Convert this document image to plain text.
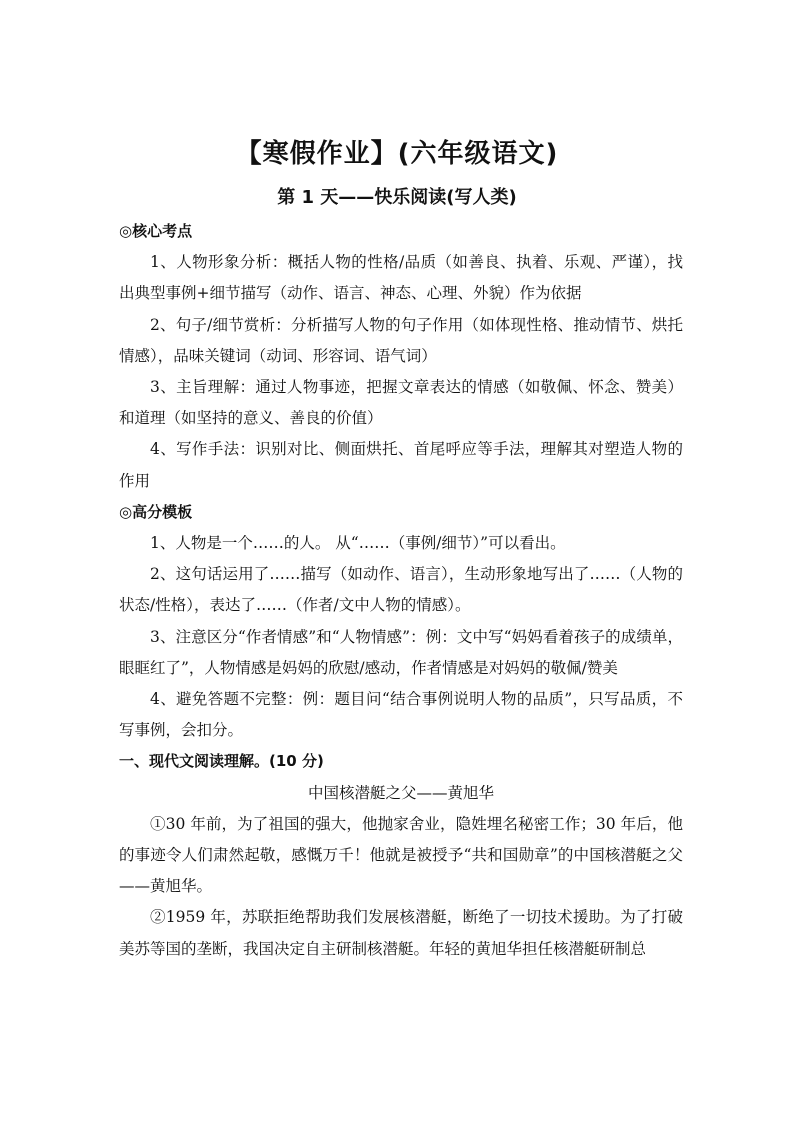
【寒假作业】(六年级语文)
第 1 天——快乐阅读(写人类)

◎核心考点

1、人物形象分析：概括人物的性格/品质（如善良、执着、乐观、严谨），找出典型事例+细节描写（动作、语言、神态、心理、外貌）作为依据

2、句子/细节赏析：分析描写人物的句子作用（如体现性格、推动情节、烘托情感），品味关键词（动词、形容词、语气词）

3、主旨理解：通过人物事迹，把握文章表达的情感（如敬佩、怀念、赞美）和道理（如坚持的意义、善良的价值）

4、写作手法：识别对比、侧面烘托、首尾呼应等手法，理解其对塑造人物的作用

◎高分模板

1、人物是一个……的人。 从“……（事例/细节）”可以看出。

2、这句话运用了……描写（如动作、语言），生动形象地写出了……（人物的状态/性格），表达了……（作者/文中人物的情感）。

3、注意区分“作者情感”和“人物情感”：例：文中写“妈妈看着孩子的成绩单，眼眶红了”，人物情感是妈妈的欣慰/感动，作者情感是对妈妈的敬佩/赞美

4、避免答题不完整：例：题目问“结合事例说明人物的品质”，只写品质，不写事例，会扣分。

一、现代文阅读理解。(10 分)

中国核潜艇之父——黄旭华

①30 年前，为了祖国的强大，他抛家舍业，隐姓埋名秘密工作；30 年后，他的事迹令人们肃然起敬，感慨万千！他就是被授予“共和国勋章”的中国核潜艇之父——黄旭华。

②1959 年，苏联拒绝帮助我们发展核潜艇，断绝了一切技术援助。为了打破美苏等国的垄断，我国决定自主研制核潜艇。年轻的黄旭华担任核潜艇研制总
